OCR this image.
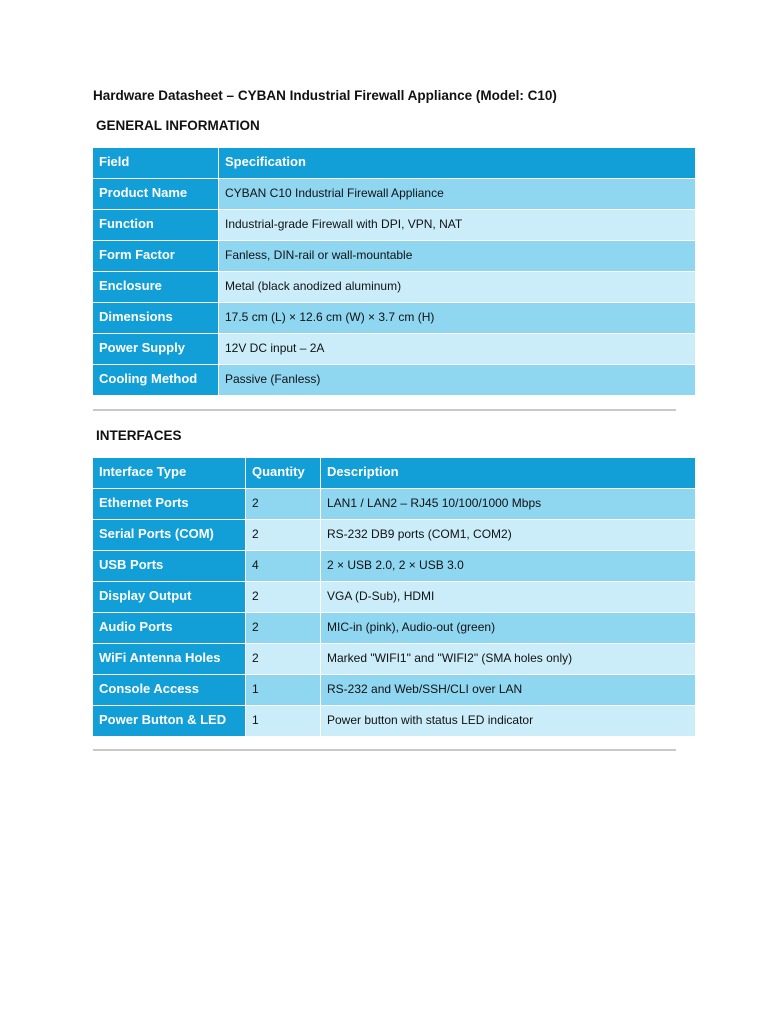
Hardware Datasheet – CYBAN Industrial Firewall Appliance (Model: C10)
GENERAL INFORMATION
Field	Specification
Product Name	CYBAN C10 Industrial Firewall Appliance
Function	Industrial-grade Firewall with DPI, VPN, NAT
Form Factor	Fanless, DIN-rail or wall-mountable
Enclosure	Metal (black anodized aluminum)
Dimensions	17.5 cm (L) × 12.6 cm (W) × 3.7 cm (H)
Power Supply	12V DC input – 2A
Cooling Method	Passive (Fanless)
INTERFACES
Interface Type	Quantity	Description
Ethernet Ports	2	LAN1 / LAN2 – RJ45 10/100/1000 Mbps
Serial Ports (COM)	2	RS-232 DB9 ports (COM1, COM2)
USB Ports	4	2 × USB 2.0, 2 × USB 3.0
Display Output	2	VGA (D-Sub), HDMI
Audio Ports	2	MIC-in (pink), Audio-out (green)
WiFi Antenna Holes	2	Marked "WIFI1" and "WIFI2" (SMA holes only)
Console Access	1	RS-232 and Web/SSH/CLI over LAN
Power Button & LED	1	Power button with status LED indicator
